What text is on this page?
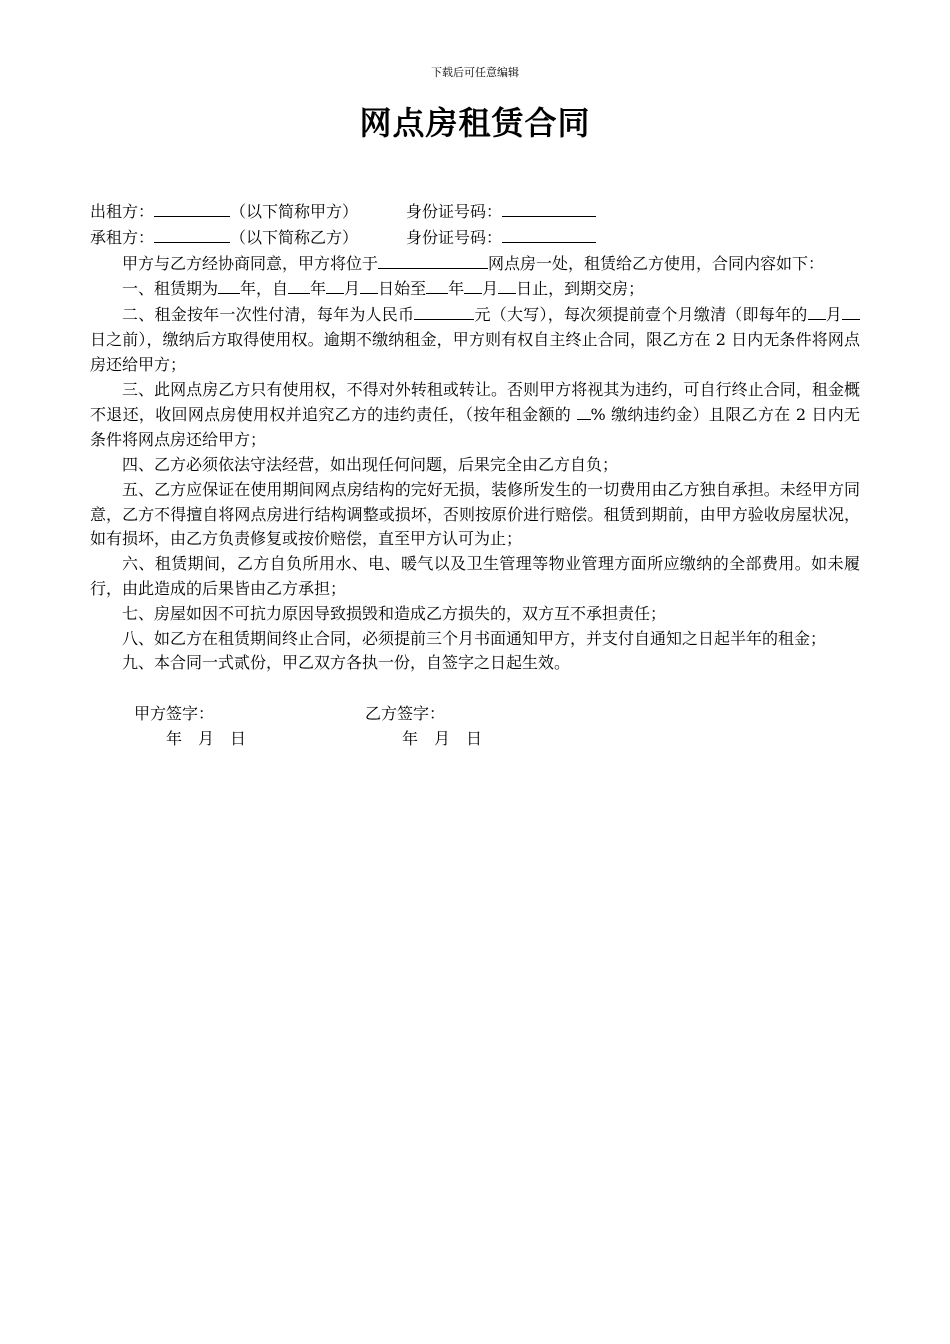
下载后可任意编辑
网点房租赁合同
出租方：	（以下简称甲方）	身份证号码：
承租方：	（以下简称乙方）	身份证号码：

甲方与乙方经协商同意，甲方将位于	网点房一处，租赁给乙方使用，合同内容如下：

一、租赁期为 年，自 年 月 日始至 年 月 日止，到期交房；

二、租金按年一次性付清，每年为人民币	元（大写），每次须提前壹个月缴清（即每年的 月日之前），缴纳后方取得使用权。逾期不缴纳租金，甲方则有权自主终止合同，限乙方在 2 日内无条件将网点房还给甲方；

三、此网点房乙方只有使用权，不得对外转租或转让。否则甲方将视其为违约，可自行终止合同，租金概不退还，收回网点房使用权并追究乙方的违约责任，（按年租金额的 % 缴纳违约金）且限乙方在 2 日内无条件将网点房还给甲方；

四、乙方必须依法守法经营，如出现任何问题，后果完全由乙方自负；

五、乙方应保证在使用期间网点房结构的完好无损，装修所发生的一切费用由乙方独自承担。未经甲方同意，乙方不得擅自将网点房进行结构调整或损坏，否则按原价进行赔偿。租赁到期前，由甲方验收房屋状况，如有损坏，由乙方负责修复或按价赔偿，直至甲方认可为止；

六、租赁期间，乙方自负所用水、电、暖气以及卫生管理等物业管理方面所应缴纳的全部费用。如未履行，由此造成的后果皆由乙方承担；

七、房屋如因不可抗力原因导致损毁和造成乙方损失的，双方互不承担责任；

八、如乙方在租赁期间终止合同，必须提前三个月书面通知甲方，并支付自通知之日起半年的租金；

九、本合同一式贰份，甲乙双方各执一份，自签字之日起生效。

甲方签字：	乙方签字：
年　月　日	年　月　日
